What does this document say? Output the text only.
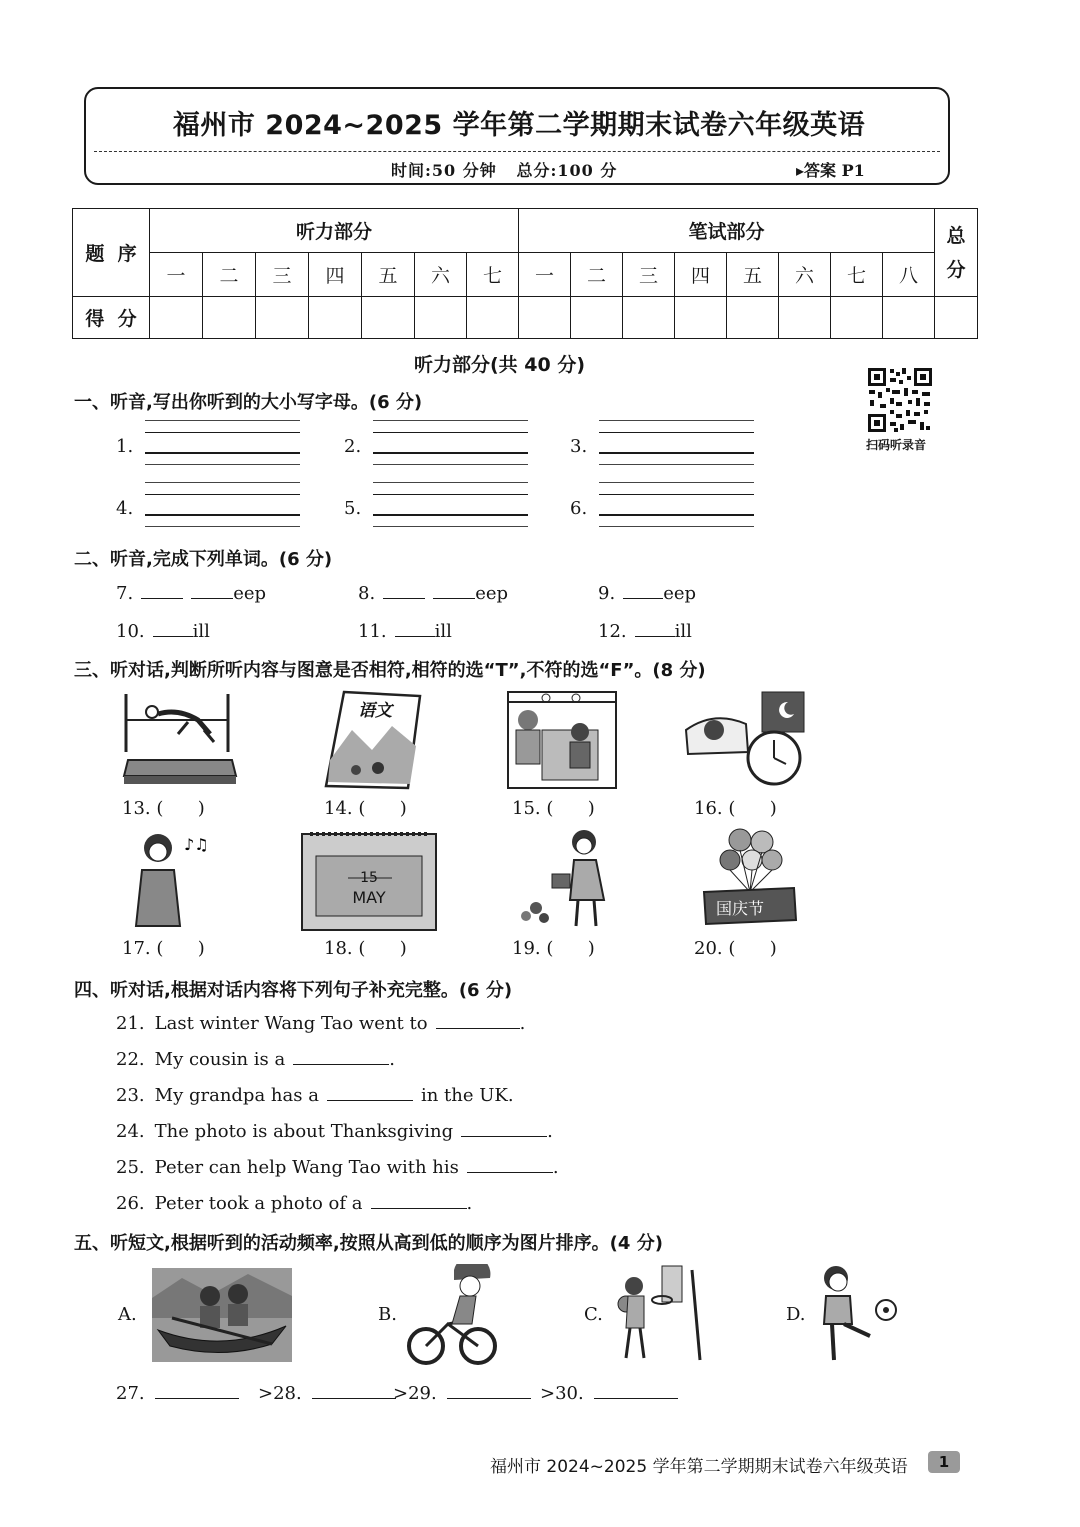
福州市 2024~2025 学年第二学期期末试卷六年级英语
时间:50 分钟   总分:100 分	▸答案 P1
题  序	听力部分							笔试部分								总分

	一	二	三	四	五	六	七	一	二	三	四	五	六	七	八	
得  分																
听力部分(共 40 分)
扫码听录音
一、听音,写出你听到的大小写字母。(6 分)
1.	2.	3.
4.	5.	6.
二、听音,完成下列单词。(6 分)
7.	eep	8.	eep	9.	eep
10.	ill	11.	ill	12.	ill
三、听对话,判断所听内容与图意是否相符,相符的选“T”,不符的选“F”。(8 分)
语文
♪♫
15
MAY
国庆节
13. (      )	14. (      )	15. (      )	16. (      )
17. (      )	18. (      )	19. (      )	20. (      )
四、听对话,根据对话内容将下列句子补充完整。(6 分)
21. Last winter Wang Tao went to	.
22. My cousin is a	.
23. My grandpa has a	in the UK.
24. The photo is about Thanksgiving	.
25. Peter can help Wang Tao with his	.
26. Peter took a photo of a	.
五、听短文,根据听到的活动频率,按照从高到低的顺序为图片排序。(4 分)
A.	B.	C.	D.
27.	>28.	>29.	>30.
福州市 2024~2025 学年第二学期期末试卷六年级英语	1
